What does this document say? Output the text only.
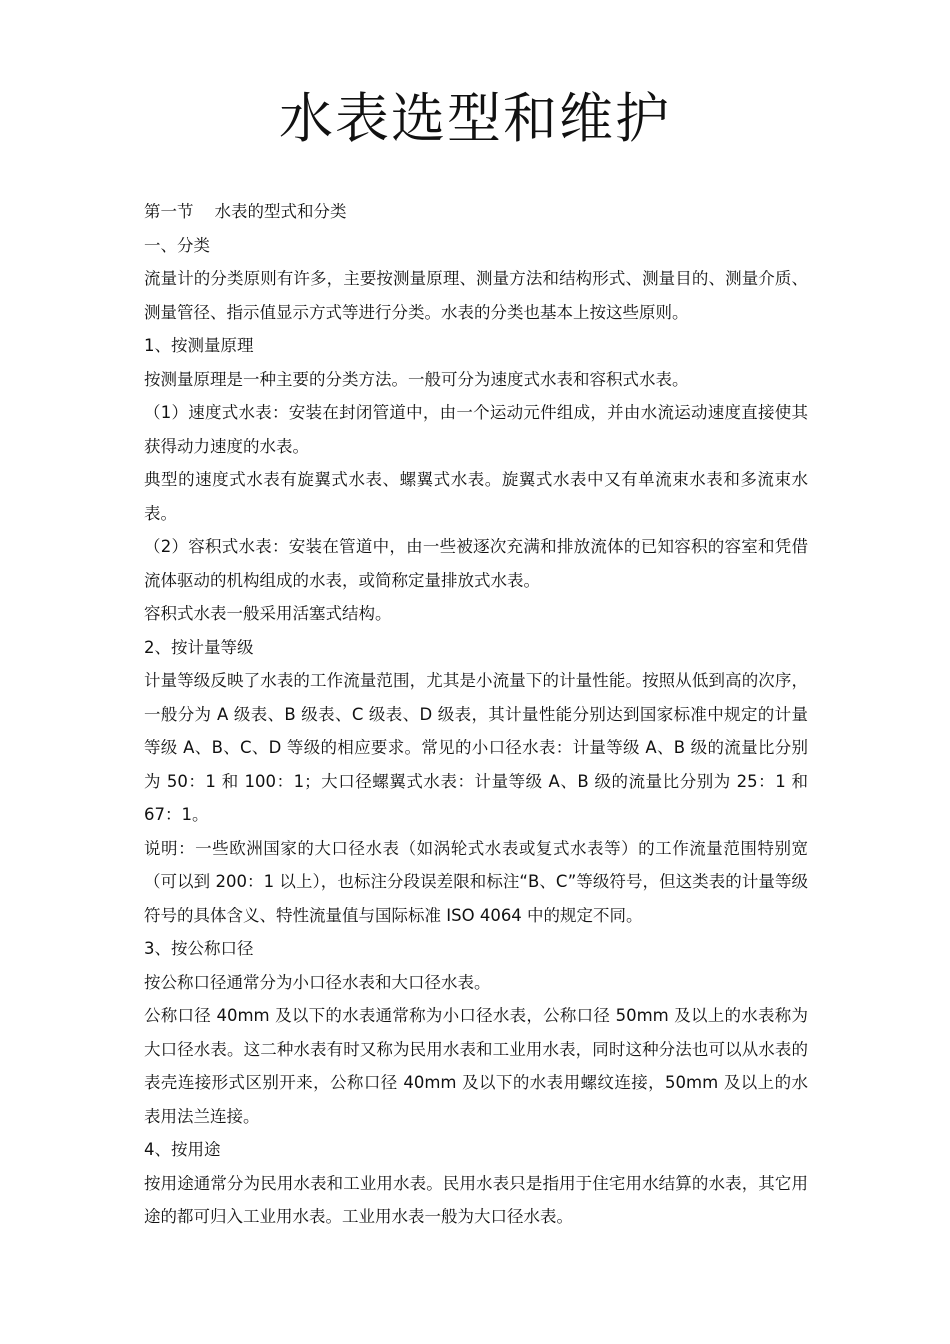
水表选型和维护

第一节    水表的型式和分类

一、分类

流量计的分类原则有许多，主要按测量原理、测量方法和结构形式、测量目的、测量介质、测量管径、指示值显示方式等进行分类。水表的分类也基本上按这些原则。

1、按测量原理

按测量原理是一种主要的分类方法。一般可分为速度式水表和容积式水表。

（1）速度式水表：安装在封闭管道中，由一个运动元件组成，并由水流运动速度直接使其获得动力速度的水表。

典型的速度式水表有旋翼式水表、螺翼式水表。旋翼式水表中又有单流束水表和多流束水表。

（2）容积式水表：安装在管道中，由一些被逐次充满和排放流体的已知容积的容室和凭借流体驱动的机构组成的水表，或简称定量排放式水表。

容积式水表一般采用活塞式结构。

2、按计量等级

计量等级反映了水表的工作流量范围，尤其是小流量下的计量性能。按照从低到高的次序，一般分为 A 级表、B 级表、C 级表、D 级表，其计量性能分别达到国家标准中规定的计量等级 A、B、C、D 等级的相应要求。常见的小口径水表：计量等级 A、B 级的流量比分别为 50：1 和 100：1；大口径螺翼式水表：计量等级 A、B 级的流量比分别为 25：1 和 67：1。

说明：一些欧洲国家的大口径水表（如涡轮式水表或复式水表等）的工作流量范围特别宽（可以到 200：1 以上），也标注分段误差限和标注“B、C”等级符号，但这类表的计量等级符号的具体含义、特性流量值与国际标准 ISO 4064 中的规定不同。

3、按公称口径

按公称口径通常分为小口径水表和大口径水表。

公称口径 40mm 及以下的水表通常称为小口径水表，公称口径 50mm 及以上的水表称为大口径水表。这二种水表有时又称为民用水表和工业用水表，同时这种分法也可以从水表的表壳连接形式区别开来，公称口径 40mm 及以下的水表用螺纹连接，50mm 及以上的水表用法兰连接。

4、按用途

按用途通常分为民用水表和工业用水表。民用水表只是指用于住宅用水结算的水表，其它用途的都可归入工业用水表。工业用水表一般为大口径水表。
